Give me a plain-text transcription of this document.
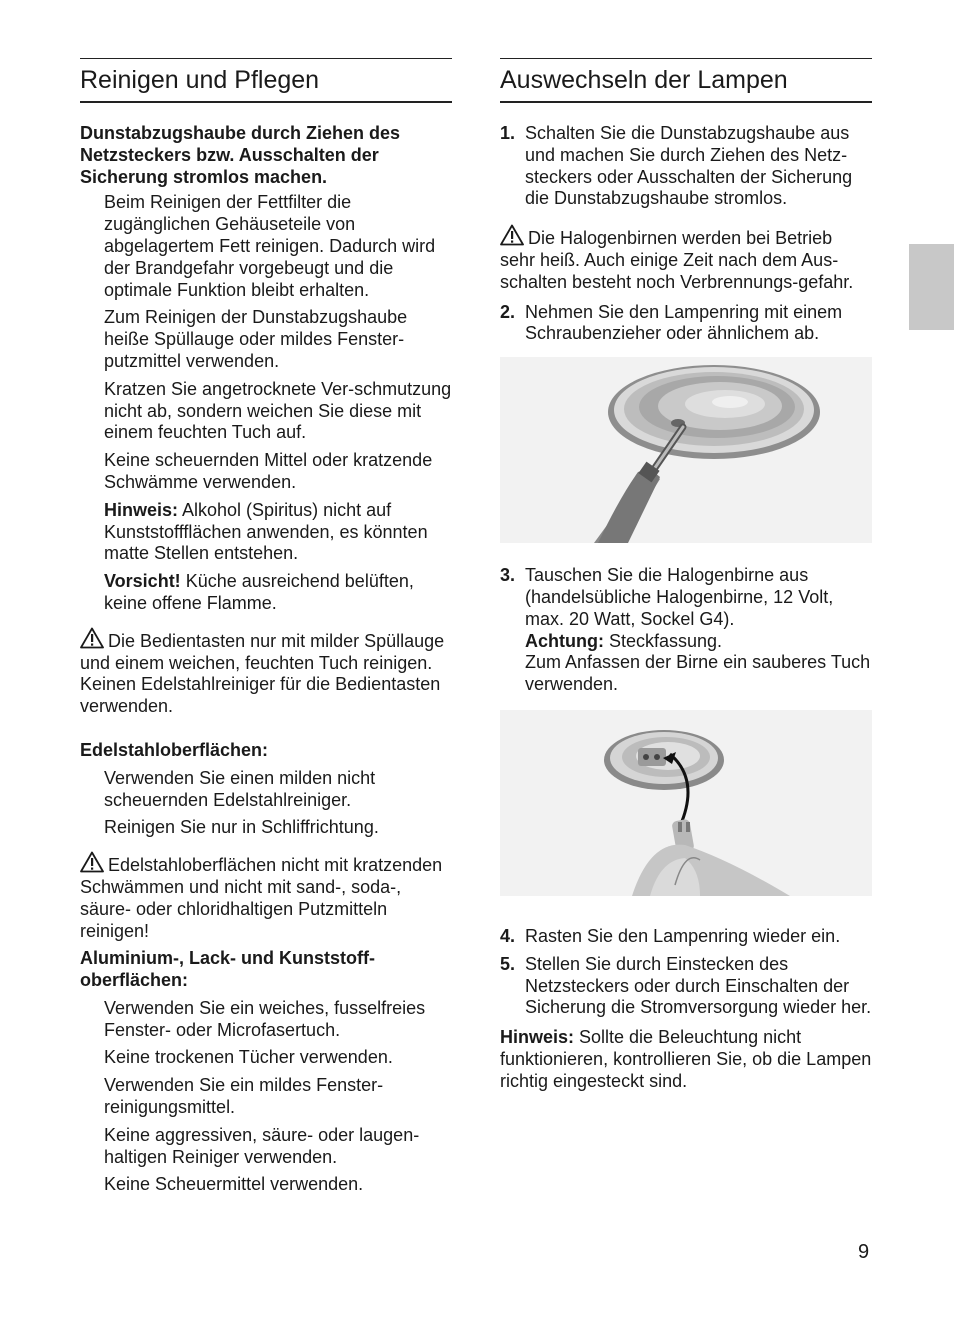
Reinigen und Pflegen

Dunstabzugshaube durch Ziehen des Netzsteckers bzw. Ausschalten der Sicherung stromlos machen.

Beim Reinigen der Fettfilter die zugänglichen Gehäuseteile von abgelagertem Fett reinigen. Dadurch wird der Brandgefahr vorgebeugt und die optimale Funktion bleibt erhalten.

Zum Reinigen der Dunstabzugshaube heiße Spüllauge oder mildes Fenster-putzmittel verwenden.

Kratzen Sie angetrocknete Ver-schmutzung nicht ab, sondern weichen Sie diese mit einem feuchten Tuch auf.

Keine scheuernden Mittel oder kratzende Schwämme verwenden.

Hinweis: Alkohol (Spiritus) nicht auf Kunststoffflächen anwenden, es könnten matte Stellen entstehen.

Vorsicht! Küche ausreichend belüften, keine offene Flamme.

Die Bedientasten nur mit milder Spüllauge und einem weichen, feuchten Tuch reinigen.
Keinen Edelstahlreiniger für die Bedientasten verwenden.

Edelstahloberflächen:

Verwenden Sie einen milden nicht scheuernden Edelstahlreiniger.

Reinigen Sie nur in Schliffrichtung.

Edelstahloberflächen nicht mit kratzenden Schwämmen und nicht mit sand-, soda-, säure- oder chloridhaltigen Putzmitteln reinigen!

Aluminium-, Lack- und Kunststoff-oberflächen:

Verwenden Sie ein weiches, fusselfreies Fenster- oder Microfasertuch.

Keine trockenen Tücher verwenden.

Verwenden Sie ein mildes Fenster-reinigungsmittel.

Keine aggressiven, säure- oder laugen-haltigen Reiniger verwenden.

Keine Scheuermittel verwenden.

Auswechseln der Lampen
1. Schalten Sie die Dunstabzugshaube aus und machen Sie durch Ziehen des Netz-steckers oder Ausschalten der Sicherung die Dunstabzugshaube stromlos.

Die Halogenbirnen werden bei Betrieb sehr heiß. Auch einige Zeit nach dem Aus-schalten besteht noch Verbrennungs-gefahr.

2. Nehmen Sie den Lampenring mit einem Schraubenzieher oder ähnlichem ab.
3. Tauschen Sie die Halogenbirne aus (handelsübliche Halogenbirne, 12 Volt, max. 20 Watt, Sockel G4).
Achtung: Steckfassung.
Zum Anfassen der Birne ein sauberes Tuch verwenden.
4. Rasten Sie den Lampenring wieder ein.
5. Stellen Sie durch Einstecken des Netzsteckers oder durch Einschalten der Sicherung die Stromversorgung wieder her.

Hinweis: Sollte die Beleuchtung nicht funktionieren, kontrollieren Sie, ob die Lampen richtig eingesteckt sind.

9
